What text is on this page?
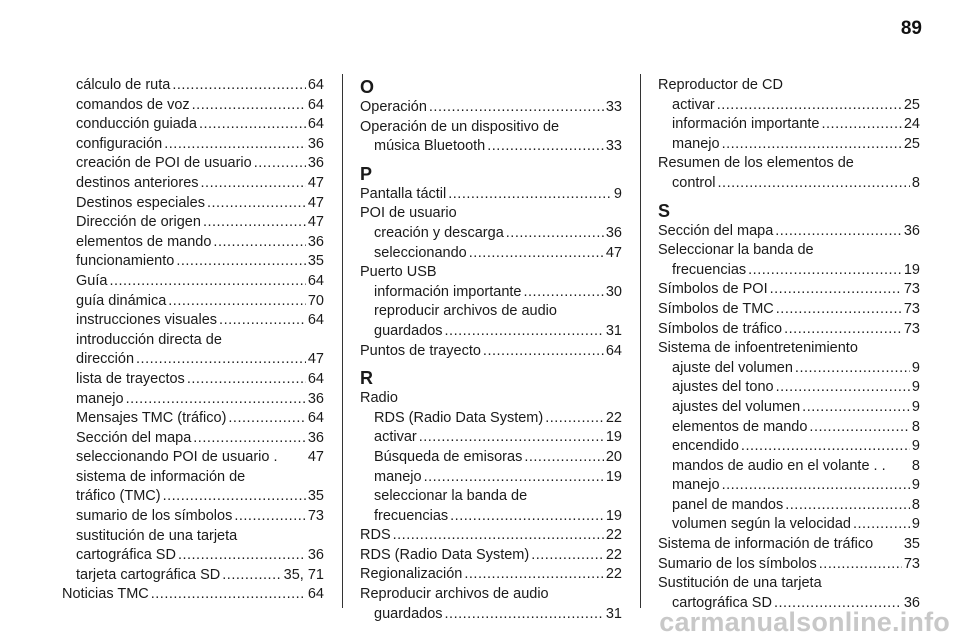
89
cálculo de ruta .....	64
comandos de voz .....	64
conducción guiada .....	64
configuración .....	36
creación de POI de usuario .....	36
destinos anteriores .....	47
Destinos especiales .....	47
Dirección de origen .....	47
elementos de mando .....	36
funcionamiento .....	35
Guía .....	64
guía dinámica .....	70
instrucciones visuales .....	64
introducción directa de
dirección .....	47
lista de trayectos .....	64
manejo .....	36
Mensajes TMC (tráfico) .....	64
Sección del mapa .....	36
seleccionando POI de usuario . 47
sistema de información de
tráfico (TMC) .....	35
sumario de los símbolos .....	73
sustitución de una tarjeta
cartográfica SD .....	36
tarjeta cartográfica SD .....	35, 71
Noticias TMC .....	64
O
Operación .....	33
Operación de un dispositivo de
música Bluetooth .....	33
P
Pantalla táctil .....	9
POI de usuario
creación y descarga .....	36
seleccionando .....	47
Puerto USB
información importante .....	30
reproducir archivos de audio
guardados .....	31
Puntos de trayecto .....	64
R
Radio
RDS (Radio Data System) .....	22
activar .....	19
Búsqueda de emisoras .....	20
manejo .....	19
seleccionar la banda de
frecuencias .....	19
RDS .....	22
RDS (Radio Data System) .....	22
Regionalización .....	22
Reproducir archivos de audio
guardados .....	31
Reproductor de CD
activar .....	25
información importante .....	24
manejo .....	25
Resumen de los elementos de
control .....	8
S
Sección del mapa .....	36
Seleccionar la banda de
frecuencias .....	19
Símbolos de POI .....	73
Símbolos de TMC .....	73
Símbolos de tráfico .....	73
Sistema de infoentretenimiento
ajuste del volumen .....	9
ajustes del tono .....	9
ajustes del volumen .....	9
elementos de mando .....	8
encendido .....	9
mandos de audio en el volante . . 8
manejo .....	9
panel de mandos .....	8
volumen según la velocidad .....	9
Sistema de información de tráfico 35
Sumario de los símbolos .....	73
Sustitución de una tarjeta
cartográfica SD .....	36
carmanualsonline.info
